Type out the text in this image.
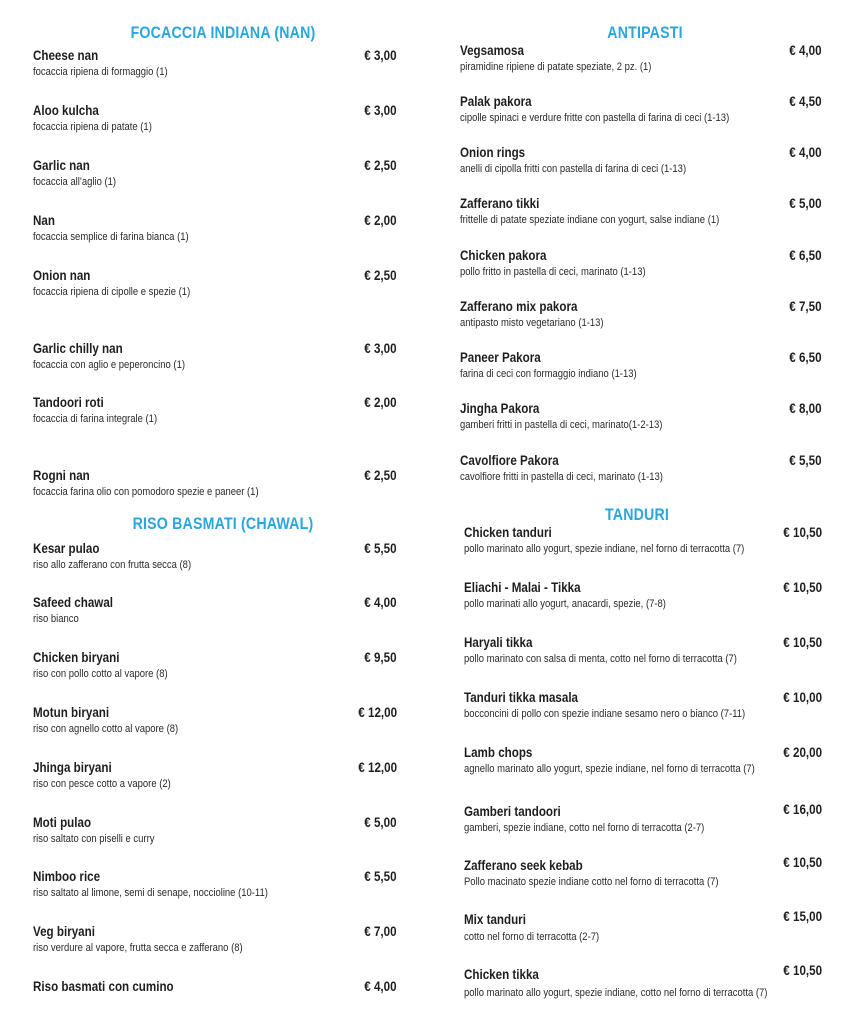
FOCACCIA INDIANA (NAN)
Cheese nan	€ 3,00
focaccia ripiena di formaggio (1)
Aloo kulcha	€ 3,00
focaccia ripiena di patate (1)
Garlic nan	€ 2,50
focaccia all’aglio (1)
Nan	€ 2,00
focaccia semplice di farina bianca (1)
Onion nan	€ 2,50
focaccia ripiena di cipolle e spezie (1)
Garlic chilly nan	€ 3,00
focaccia con aglio e peperoncino (1)
Tandoori roti	€ 2,00
focaccia di farina integrale (1)
Rogni nan	€ 2,50
focaccia farina olio con pomodoro spezie e paneer (1)
RISO BASMATI (CHAWAL)
Kesar pulao	€ 5,50
riso allo zafferano con frutta secca (8)
Safeed chawal	€ 4,00
riso bianco
Chicken biryani	€ 9,50
riso con pollo cotto al vapore (8)
Motun biryani	€ 12,00
riso con agnello cotto al vapore (8)
Jhinga biryani	€ 12,00
riso con pesce cotto a vapore (2)
Moti pulao	€ 5,00
riso saltato con piselli e curry
Nimboo rice	€ 5,50
riso saltato al limone, semi di senape, noccioline (10-11)
Veg biryani	€ 7,00
riso verdure al vapore, frutta secca e zafferano (8)
Riso basmati con cumino	€ 4,00
ANTIPASTI
Vegsamosa	€ 4,00
piramidine ripiene di patate speziate, 2 pz. (1)
Palak pakora	€ 4,50
cipolle spinaci e verdure fritte con pastella di farina di ceci (1-13)
Onion rings	€ 4,00
anelli di cipolla fritti con pastella di farina di ceci (1-13)
Zafferano tikki	€ 5,00
frittelle di patate speziate indiane con yogurt, salse indiane (1)
Chicken pakora	€ 6,50
pollo fritto in pastella di ceci, marinato (1-13)
Zafferano mix pakora	€ 7,50
antipasto misto vegetariano (1-13)
Paneer Pakora	€ 6,50
farina di ceci con formaggio indiano (1-13)
Jingha Pakora	€ 8,00
gamberi fritti in pastella di ceci, marinato(1-2-13)
Cavolfiore Pakora	€ 5,50
cavolfiore fritti in pastella di ceci, marinato (1-13)
TANDURI
Chicken tanduri	€ 10,50
pollo marinato allo yogurt, spezie indiane, nel forno di terracotta (7)
Eliachi - Malai - Tikka	€ 10,50
pollo marinati allo yogurt, anacardi, spezie, (7-8)
Haryali tikka	€ 10,50
pollo marinato con salsa di menta, cotto nel forno di terracotta (7)
Tanduri tikka masala	€ 10,00
bocconcini di pollo con spezie indiane sesamo nero o bianco (7-11)
Lamb chops	€ 20,00
agnello marinato allo yogurt, spezie indiane, nel forno di terracotta (7)
Gamberi tandoori	€ 16,00
gamberi, spezie indiane, cotto nel forno di terracotta (2-7)
Zafferano seek kebab	€ 10,50
Pollo macinato spezie indiane cotto nel forno di terracotta (7)
Mix tanduri	€ 15,00
cotto nel forno di terracotta (2-7)
Chicken tikka	€ 10,50
pollo marinato allo yogurt, spezie indiane, cotto nel forno di terracotta (7)
